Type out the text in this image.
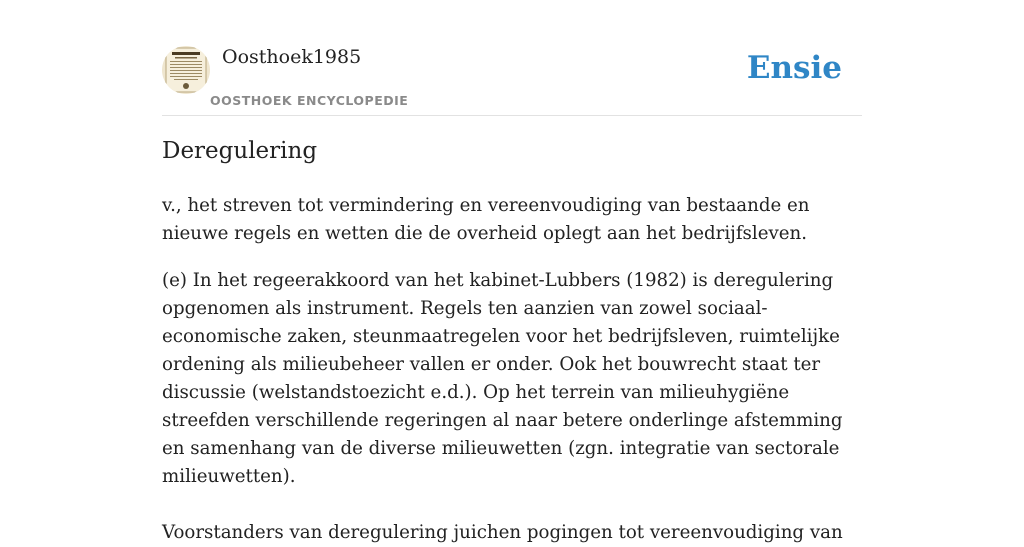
Oosthoek1985
OOSTHOEK ENCYCLOPEDIE
Ensie
Deregulering

v., het streven tot vermindering en vereenvoudiging van bestaande en nieuwe regels en wetten die de overheid oplegt aan het bedrijfsleven.

(e) In het regeerakkoord van het kabinet-Lubbers (1982) is deregulering opgenomen als instrument. Regels ten aanzien van zowel sociaal-economische zaken, steunmaatregelen voor het bedrijfsleven, ruimtelijke ordening als milieubeheer vallen er onder. Ook het bouwrecht staat ter discussie (welstandstoezicht e.d.). Op het terrein van milieuhygiëne streefden verschillende regeringen al naar betere onderlinge afstemming en samenhang van de diverse milieuwetten (zgn. integratie van sectorale milieuwetten).

Voorstanders van deregulering juichen pogingen tot vereenvoudiging van
